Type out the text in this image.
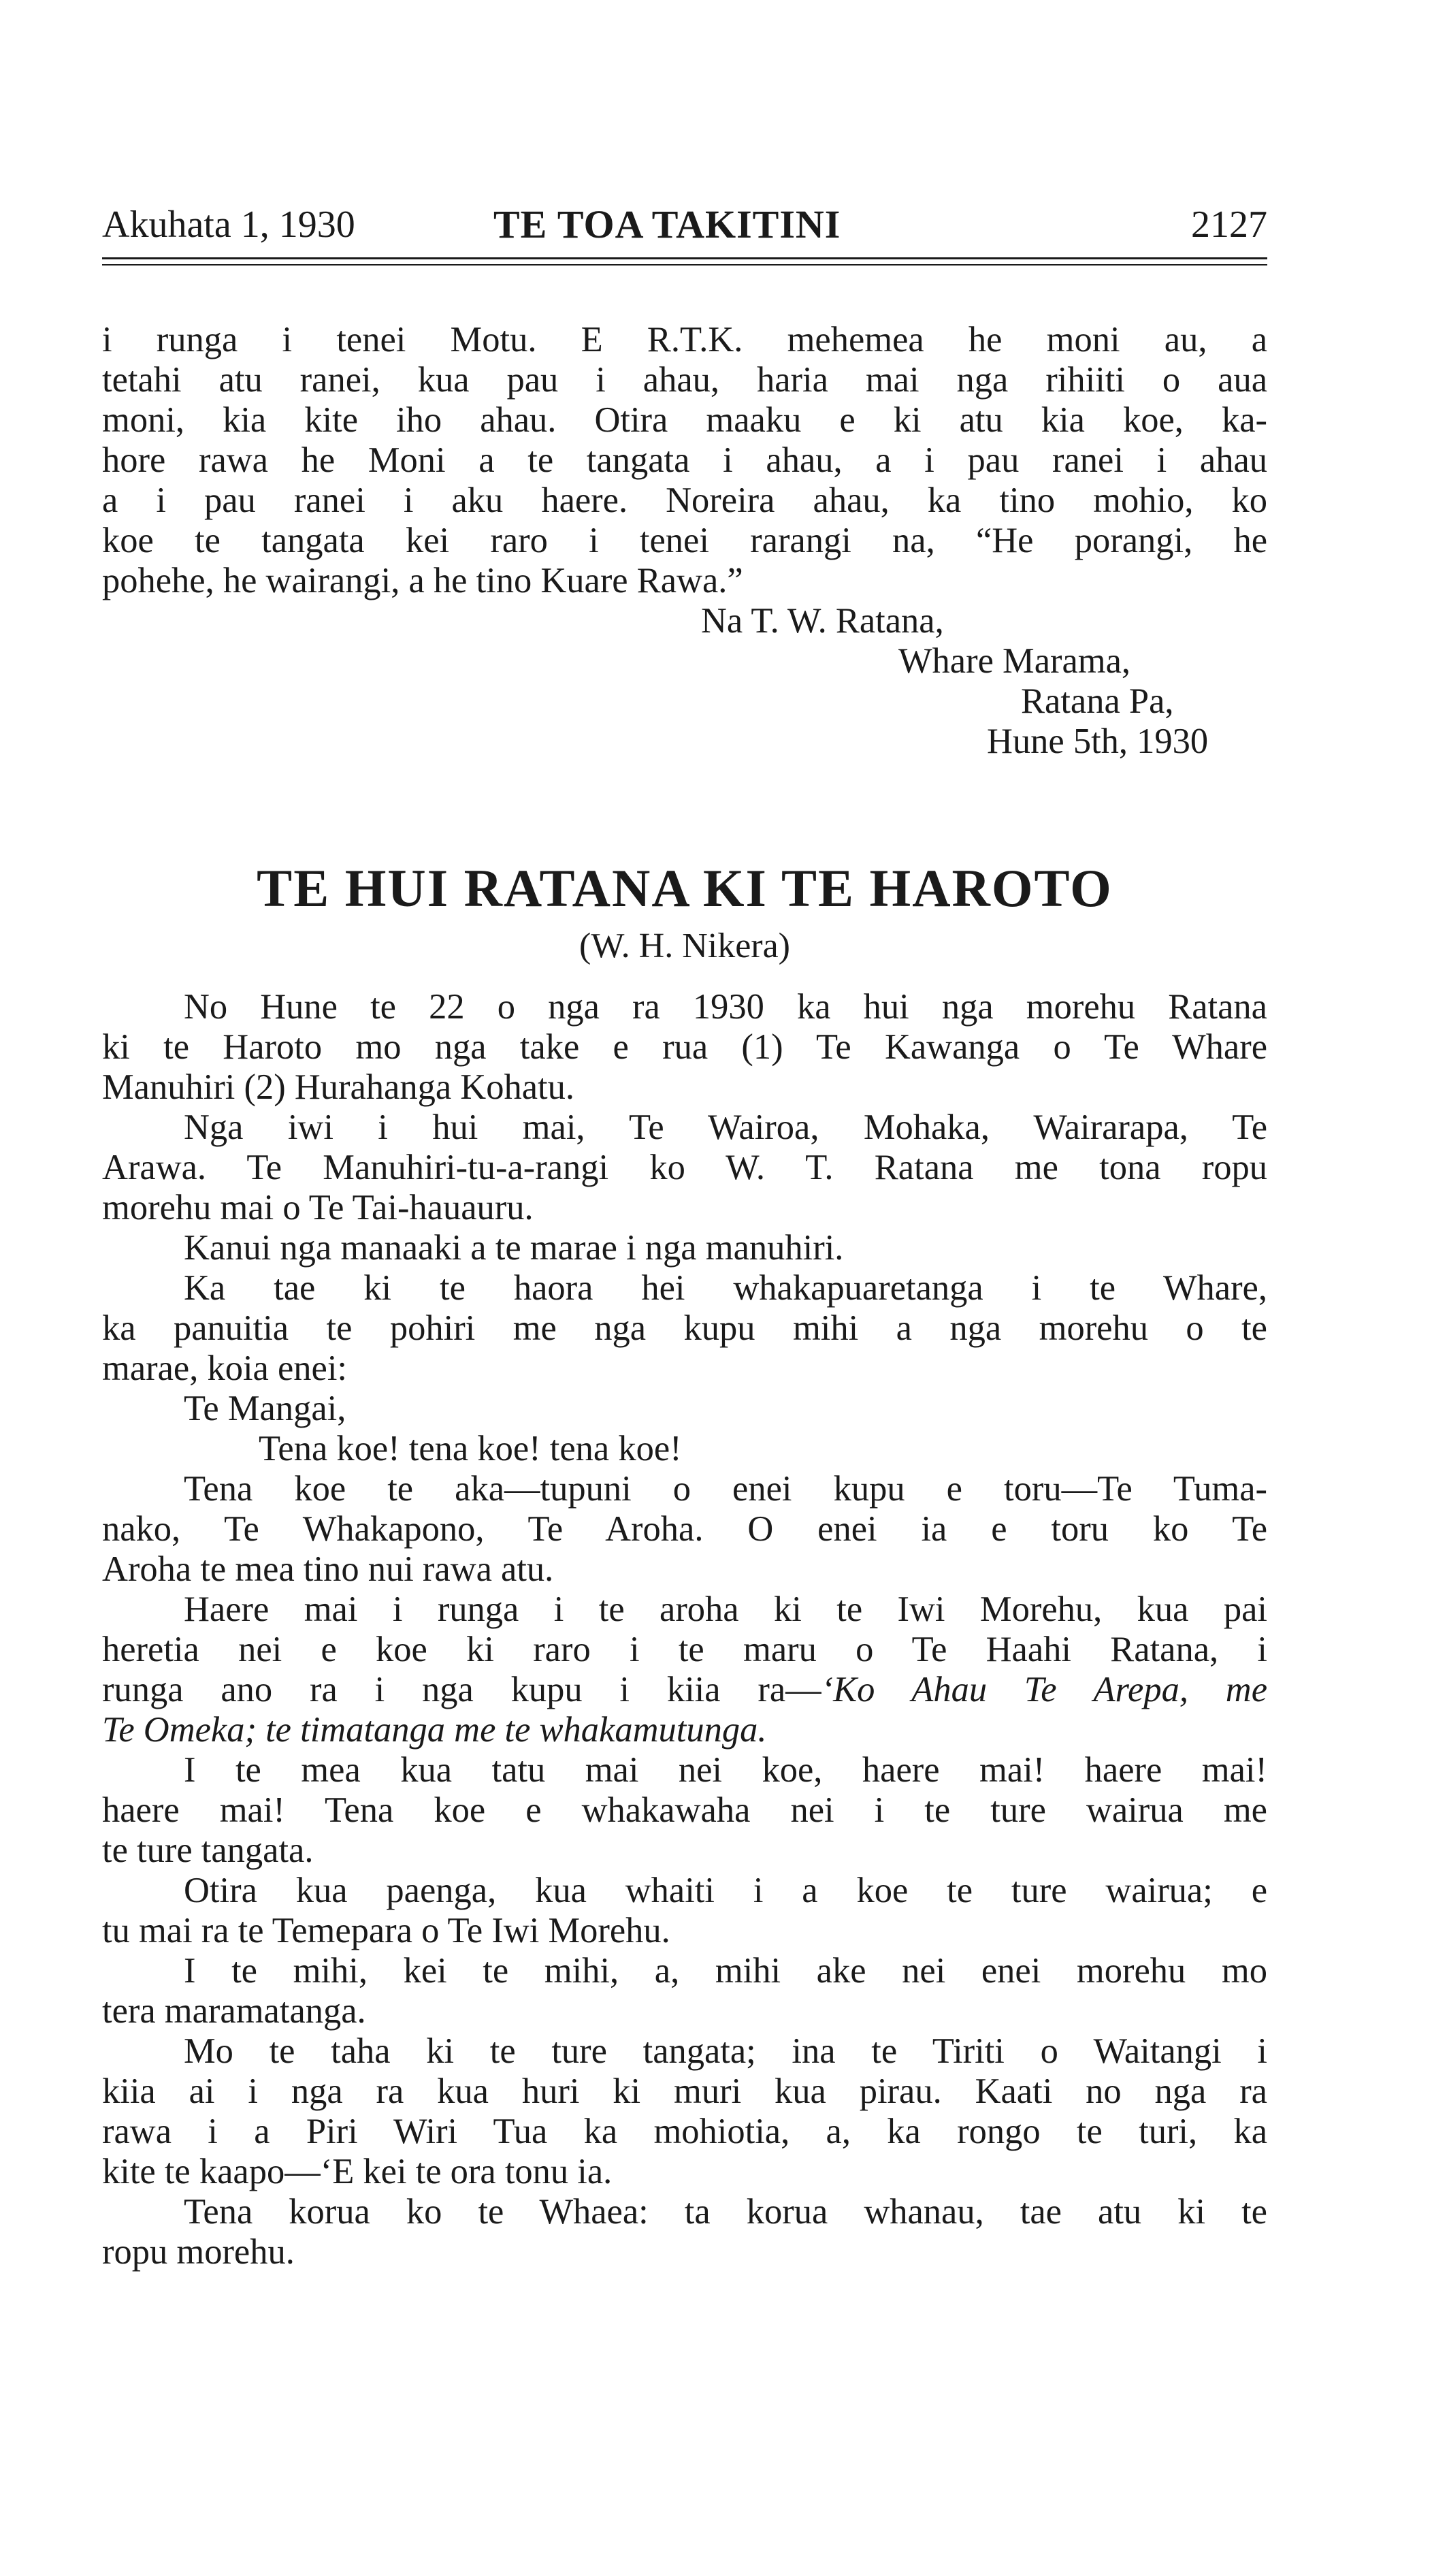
Akuhata 1, 1930	TE TOA TAKITINI	2127
i runga i tenei Motu. E R.T.K. mehemea he moni au, a
tetahi atu ranei, kua pau i ahau, haria mai nga rihiiti o aua
moni, kia kite iho ahau. Otira maaku e ki atu kia koe, ka-
hore rawa he Moni a te tangata i ahau, a i pau ranei i ahau
a i pau ranei i aku haere. Noreira ahau, ka tino mohio, ko
koe te tangata kei raro i tenei rarangi na, “He porangi, he
pohehe, he wairangi, a he tino Kuare Rawa.”
Na T. W. Ratana,
Whare Marama,
Ratana Pa,
Hune 5th, 1930
TE HUI RATANA KI TE HAROTO
(W. H. Nikera)
No Hune te 22 o nga ra 1930 ka hui nga morehu Ratana
ki te Haroto mo nga take e rua (1) Te Kawanga o Te Whare
Manuhiri (2) Hurahanga Kohatu.
Nga iwi i hui mai, Te Wairoa, Mohaka, Wairarapa, Te
Arawa. Te Manuhiri-tu-a-rangi ko W. T. Ratana me tona ropu
morehu mai o Te Tai-hauauru.
Kanui nga manaaki a te marae i nga manuhiri.
Ka tae ki te haora hei whakapuaretanga i te Whare,
ka panuitia te pohiri me nga kupu mihi a nga morehu o te
marae, koia enei:
Te Mangai,
Tena koe! tena koe! tena koe!
Tena koe te aka—tupuni o enei kupu e toru—Te Tuma-
nako, Te Whakapono, Te Aroha. O enei ia e toru ko Te
Aroha te mea tino nui rawa atu.
Haere mai i runga i te aroha ki te Iwi Morehu, kua pai
heretia nei e koe ki raro i te maru o Te Haahi Ratana, i
runga ano ra i nga kupu i kiia ra—‘Ko Ahau Te Arepa, me
Te Omeka; te timatanga me te whakamutunga.
I te mea kua tatu mai nei koe, haere mai! haere mai!
haere mai! Tena koe e whakawaha nei i te ture wairua me
te ture tangata.
Otira kua paenga, kua whaiti i a koe te ture wairua; e
tu mai ra te Temepara o Te Iwi Morehu.
I te mihi, kei te mihi, a, mihi ake nei enei morehu mo
tera maramatanga.
Mo te taha ki te ture tangata; ina te Tiriti o Waitangi i
kiia ai i nga ra kua huri ki muri kua pirau. Kaati no nga ra
rawa i a Piri Wiri Tua ka mohiotia, a, ka rongo te turi, ka
kite te kaapo—‘E kei te ora tonu ia.
Tena korua ko te Whaea: ta korua whanau, tae atu ki te
ropu morehu.
